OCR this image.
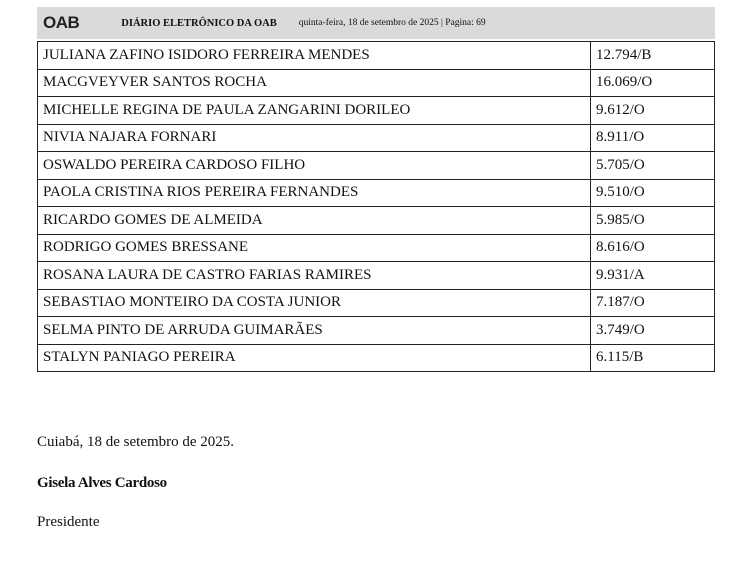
OAB	DIÁRIO ELETRÔNICO DA OAB quinta-feira, 18 de setembro de 2025 | Pagina: 69
JULIANA ZAFINO ISIDORO FERREIRA MENDES	12.794/B
MACGVEYVER SANTOS ROCHA	16.069/O
MICHELLE REGINA DE PAULA ZANGARINI DORILEO	9.612/O
NIVIA NAJARA FORNARI	8.911/O
OSWALDO PEREIRA CARDOSO FILHO	5.705/O
PAOLA CRISTINA RIOS PEREIRA FERNANDES	9.510/O
RICARDO GOMES DE ALMEIDA	5.985/O
RODRIGO GOMES BRESSANE	8.616/O
ROSANA LAURA DE CASTRO FARIAS RAMIRES	9.931/A
SEBASTIAO MONTEIRO DA COSTA JUNIOR	7.187/O
SELMA PINTO DE ARRUDA GUIMARÃES	3.749/O
STALYN PANIAGO PEREIRA	6.115/B
Cuiabá, 18 de setembro de 2025.
Gisela Alves Cardoso
Presidente
